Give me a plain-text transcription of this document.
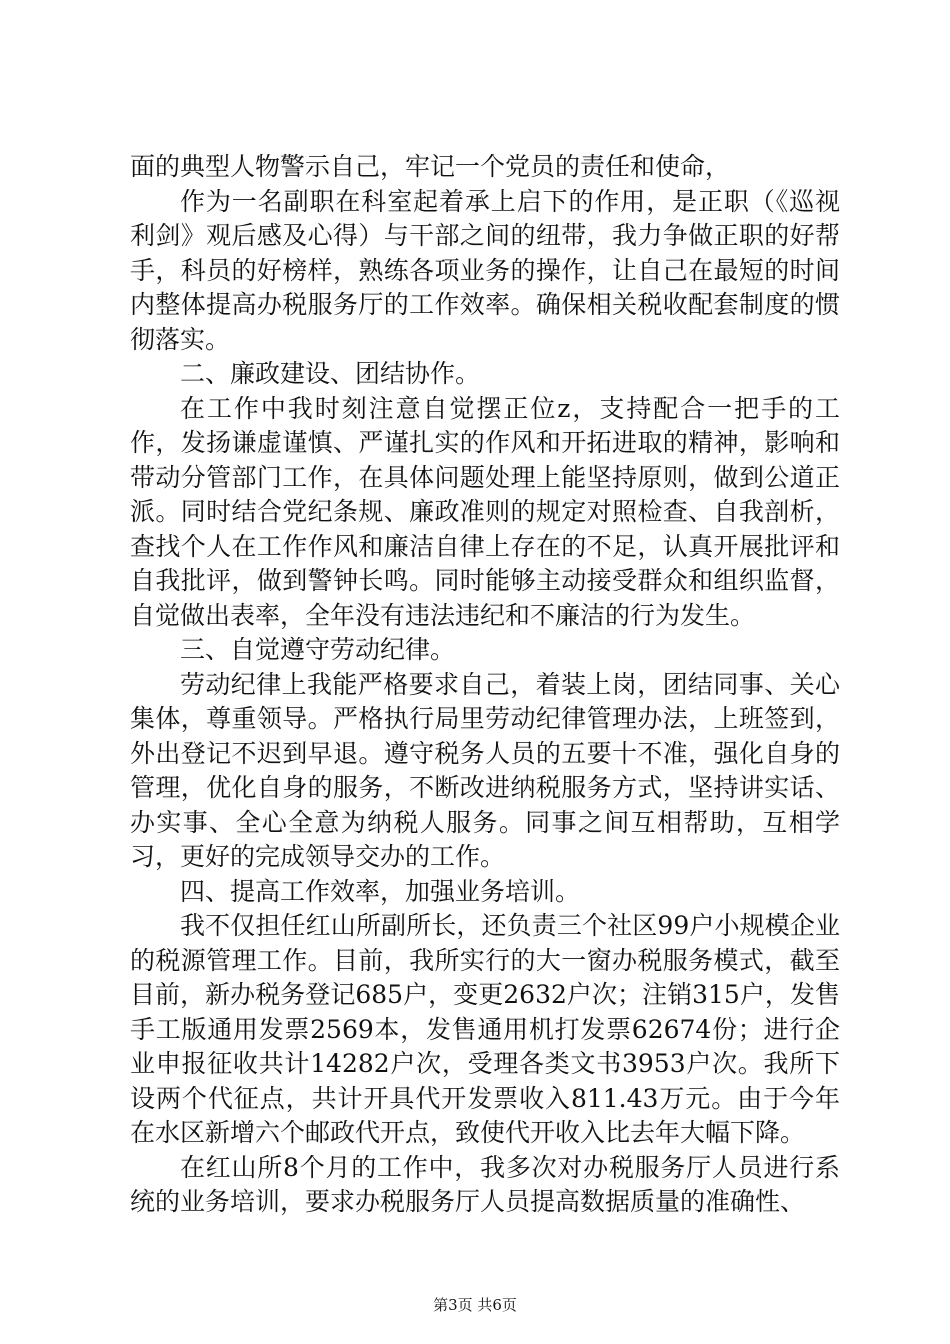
面的典型人物警示自己，牢记一个党员的责任和使命，

作为一名副职在科室起着承上启下的作用，是正职（《巡视利剑》观后感及心得）与干部之间的纽带，我力争做正职的好帮手，科员的好榜样，熟练各项业务的操作，让自己在最短的时间内整体提高办税服务厅的工作效率。确保相关税收配套制度的惯彻落实。

二、廉政建设、团结协作。

在工作中我时刻注意自觉摆正位z，支持配合一把手的工作，发扬谦虚谨慎、严谨扎实的作风和开拓进取的精神，影响和带动分管部门工作，在具体问题处理上能坚持原则，做到公道正派。同时结合党纪条规、廉政准则的规定对照检查、自我剖析，查找个人在工作作风和廉洁自律上存在的不足，认真开展批评和自我批评，做到警钟长鸣。同时能够主动接受群众和组织监督，自觉做出表率，全年没有违法违纪和不廉洁的行为发生。

三、自觉遵守劳动纪律。

劳动纪律上我能严格要求自己，着装上岗，团结同事、关心集体，尊重领导。严格执行局里劳动纪律管理办法，上班签到，外出登记不迟到早退。遵守税务人员的五要十不准，强化自身的管理，优化自身的服务，不断改进纳税服务方式，坚持讲实话、办实事、全心全意为纳税人服务。同事之间互相帮助，互相学习，更好的完成领导交办的工作。

四、提高工作效率，加强业务培训。

我不仅担任红山所副所长，还负责三个社区99户小规模企业的税源管理工作。目前，我所实行的大一窗办税服务模式，截至目前，新办税务登记685户，变更2632户次；注销315户，发售手工版通用发票2569本，发售通用机打发票62674份；进行企业申报征收共计14282户次，受理各类文书3953户次。我所下设两个代征点，共计开具代开发票收入811.43万元。由于今年在水区新增六个邮政代开点，致使代开收入比去年大幅下降。

在红山所8个月的工作中，我多次对办税服务厅人员进行系统的业务培训，要求办税服务厅人员提高数据质量的准确性、

第3页 共6页
